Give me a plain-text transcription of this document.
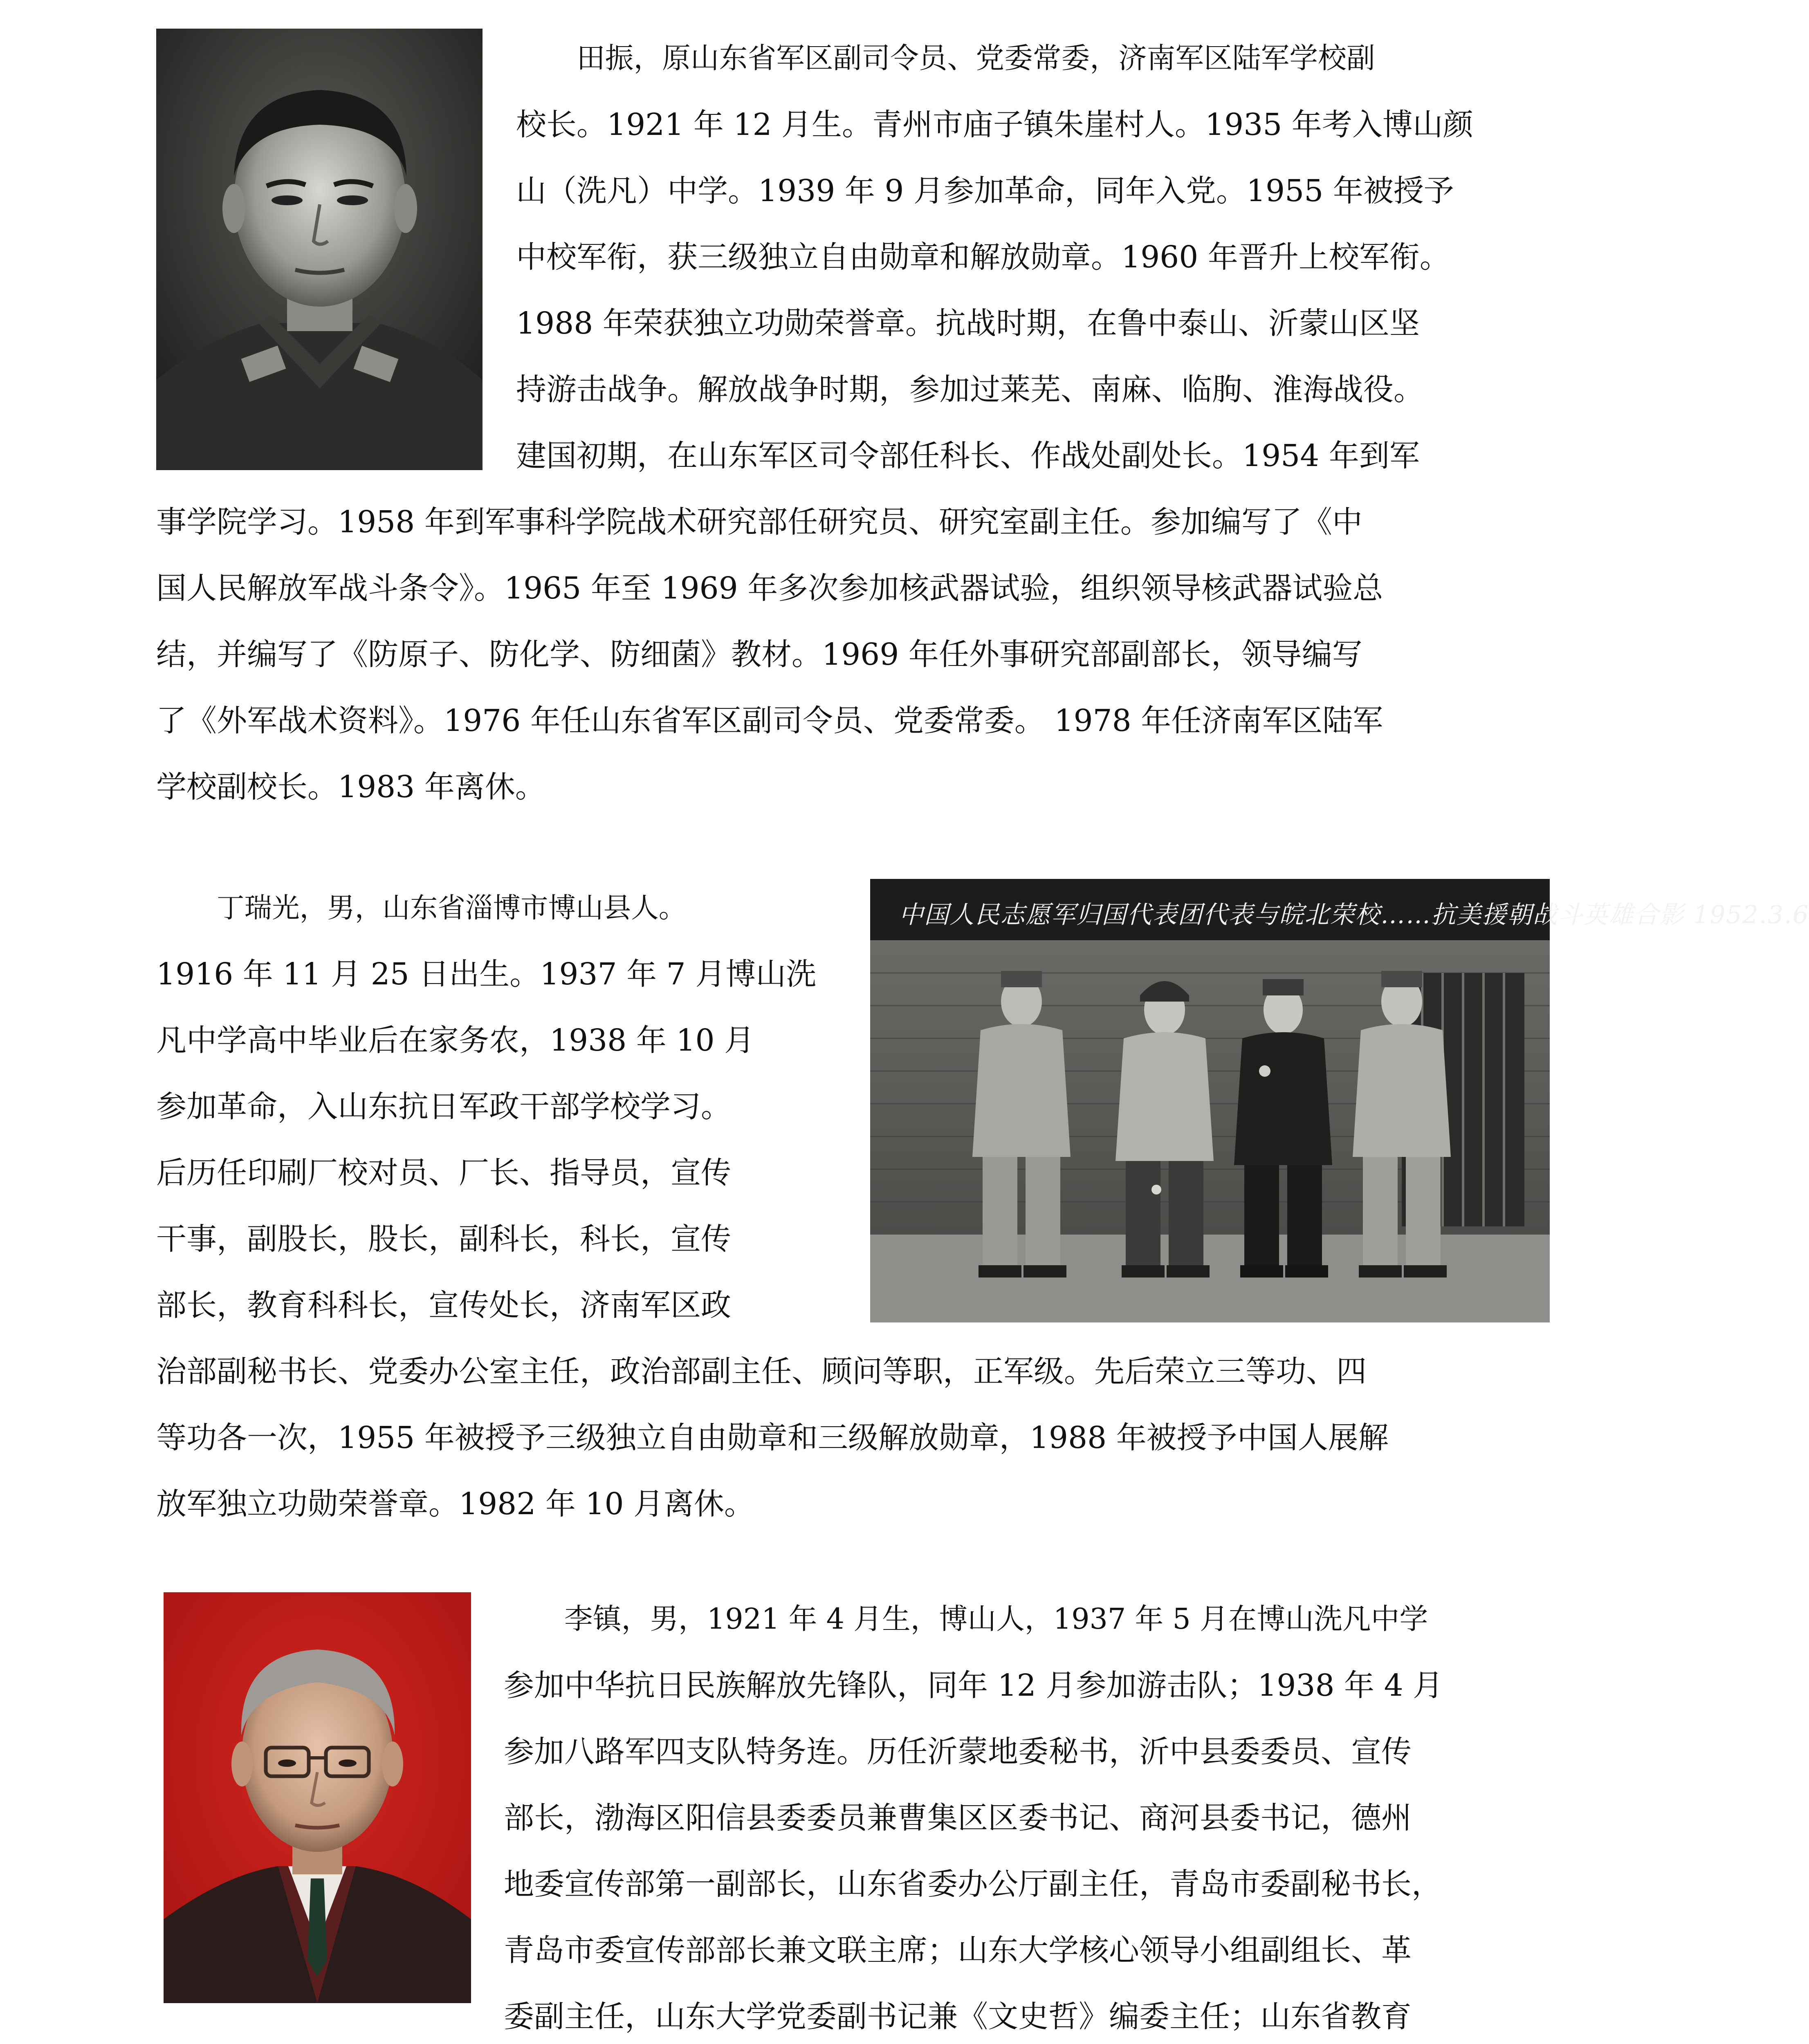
田振，原山东省军区副司令员、党委常委，济南军区陆军学校副
校长。1921 年 12 月生。青州市庙子镇朱崖村人。1935 年考入博山颜
山（洗凡）中学。1939 年 9 月参加革命，同年入党。1955 年被授予
中校军衔，获三级独立自由勋章和解放勋章。1960 年晋升上校军衔。
1988 年荣获独立功勋荣誉章。抗战时期，在鲁中泰山、沂蒙山区坚
持游击战争。解放战争时期，参加过莱芜、南麻、临朐、淮海战役。
建国初期，在山东军区司令部任科长、作战处副处长。1954 年到军
事学院学习。1958 年到军事科学院战术研究部任研究员、研究室副主任。参加编写了《中
国人民解放军战斗条令》。1965 年至 1969 年多次参加核武器试验，组织领导核武器试验总
结，并编写了《防原子、防化学、防细菌》教材。1969 年任外事研究部副部长，领导编写
了《外军战术资料》。1976 年任山东省军区副司令员、党委常委。 1978 年任济南军区陆军
学校副校长。1983 年离休。
丁瑞光，男，山东省淄博市博山县人。
1916 年 11 月 25 日出生。1937 年 7 月博山洗
凡中学高中毕业后在家务农，1938 年 10 月
参加革命，入山东抗日军政干部学校学习。
后历任印刷厂校对员、厂长、指导员，宣传
干事，副股长，股长，副科长，科长，宣传
部长，教育科科长，宣传处长，济南军区政
治部副秘书长、党委办公室主任，政治部副主任、顾问等职，正军级。先后荣立三等功、四
等功各一次，1955 年被授予三级独立自由勋章和三级解放勋章，1988 年被授予中国人展解
放军独立功勋荣誉章。1982 年 10 月离休。
中国人民志愿军归国代表团代表与皖北荣校……抗美援朝战斗英雄合影 1952.3.6
李镇，男，1921 年 4 月生，博山人，1937 年 5 月在博山洗凡中学
参加中华抗日民族解放先锋队，同年 12 月参加游击队；1938 年 4 月
参加八路军四支队特务连。历任沂蒙地委秘书，沂中县委委员、宣传
部长，渤海区阳信县委委员兼曹集区区委书记、商河县委书记，德州
地委宣传部第一副部长，山东省委办公厅副主任，青岛市委副秘书长，
青岛市委宣传部部长兼文联主席；山东大学核心领导小组副组长、革
委副主任，山东大学党委副书记兼《文史哲》编委主任；山东省教育
